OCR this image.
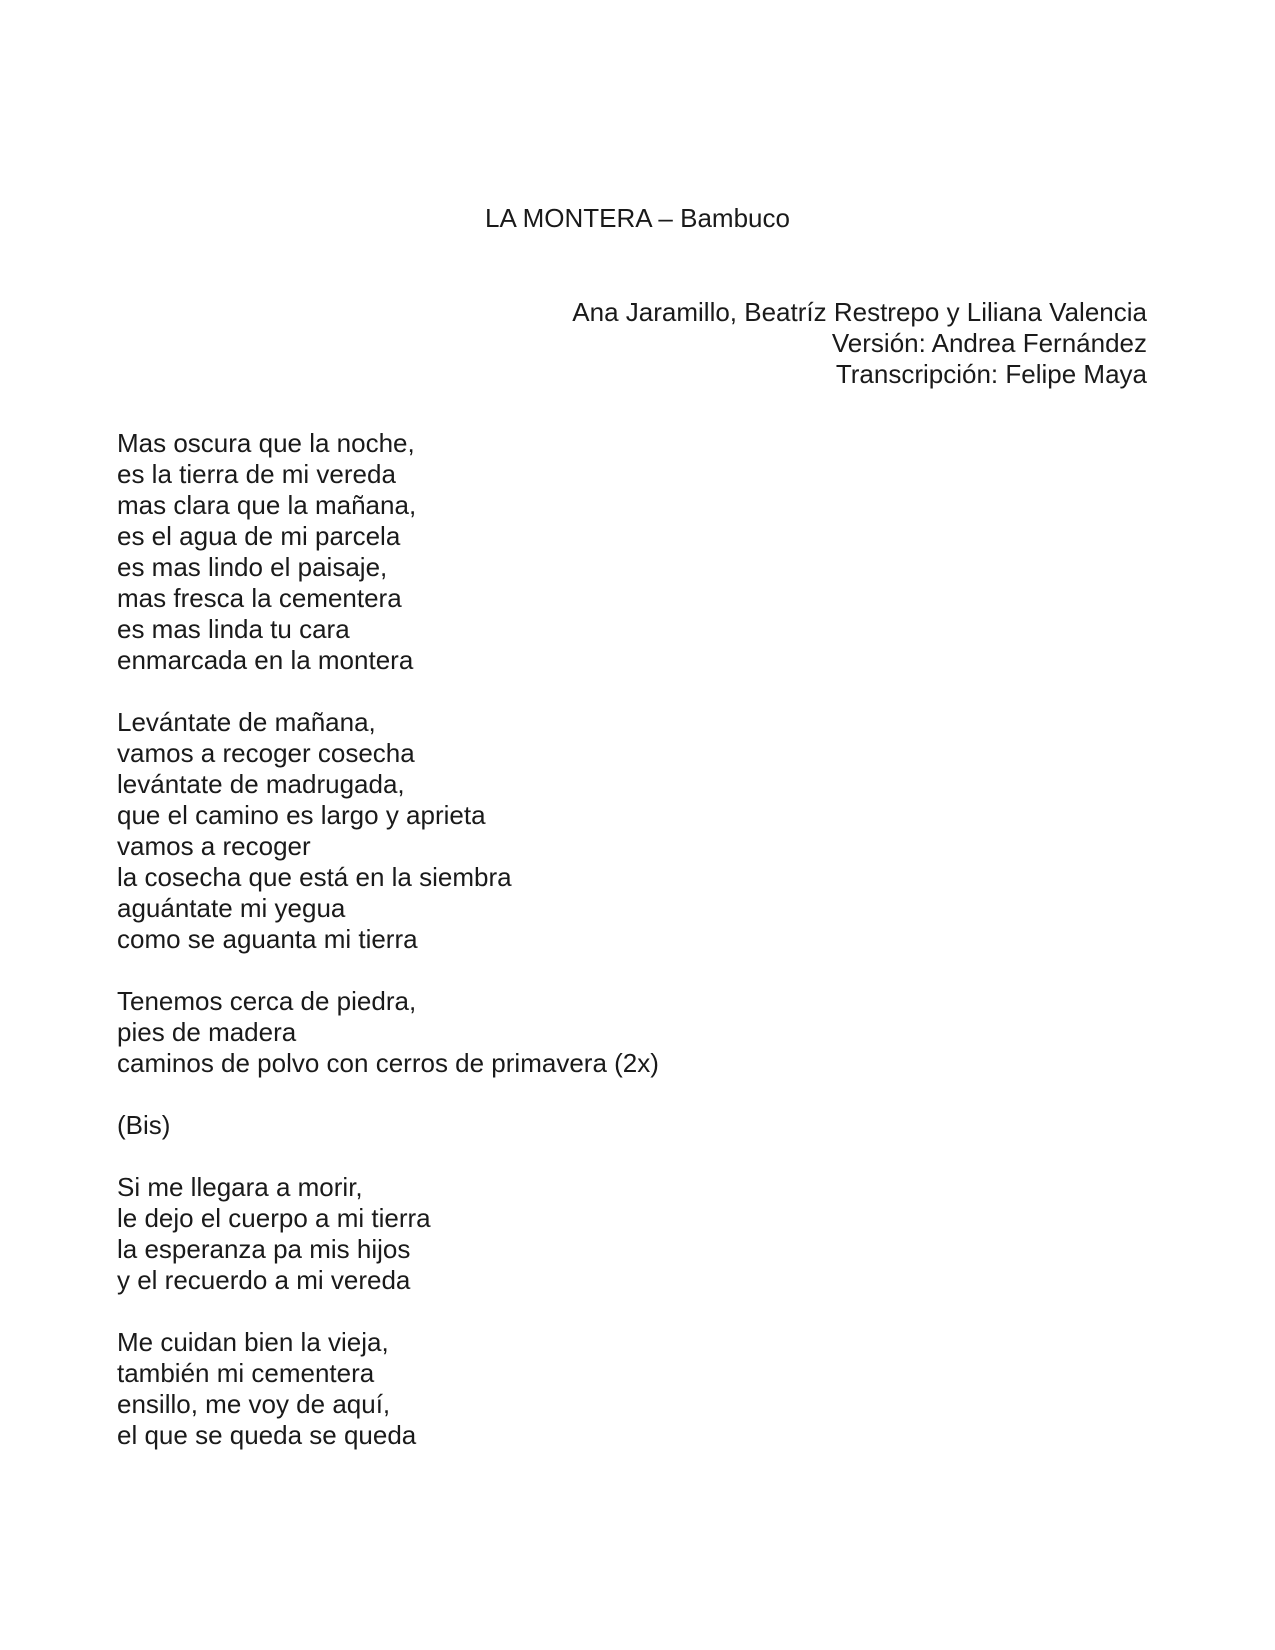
LA MONTERA – Bambuco
Ana Jaramillo, Beatríz Restrepo y Liliana Valencia
Versión: Andrea Fernández
Transcripción: Felipe Maya
Mas oscura que la noche,
es la tierra de mi vereda
mas clara que la mañana,
es el agua de mi parcela
es mas lindo el paisaje,
mas fresca la cementera
es mas linda tu cara
enmarcada en la montera
Levántate de mañana,
vamos a recoger cosecha
levántate de madrugada,
que el camino es largo y aprieta
vamos a recoger
la cosecha que está en la siembra
aguántate mi yegua
como se aguanta mi tierra
Tenemos cerca de piedra,
pies de madera
caminos de polvo con cerros de primavera (2x)
(Bis)
Si me llegara a morir,
le dejo el cuerpo a mi tierra
la esperanza pa mis hijos
y el recuerdo a mi vereda
Me cuidan bien la vieja,
también mi cementera
ensillo, me voy de aquí,
el que se queda se queda
